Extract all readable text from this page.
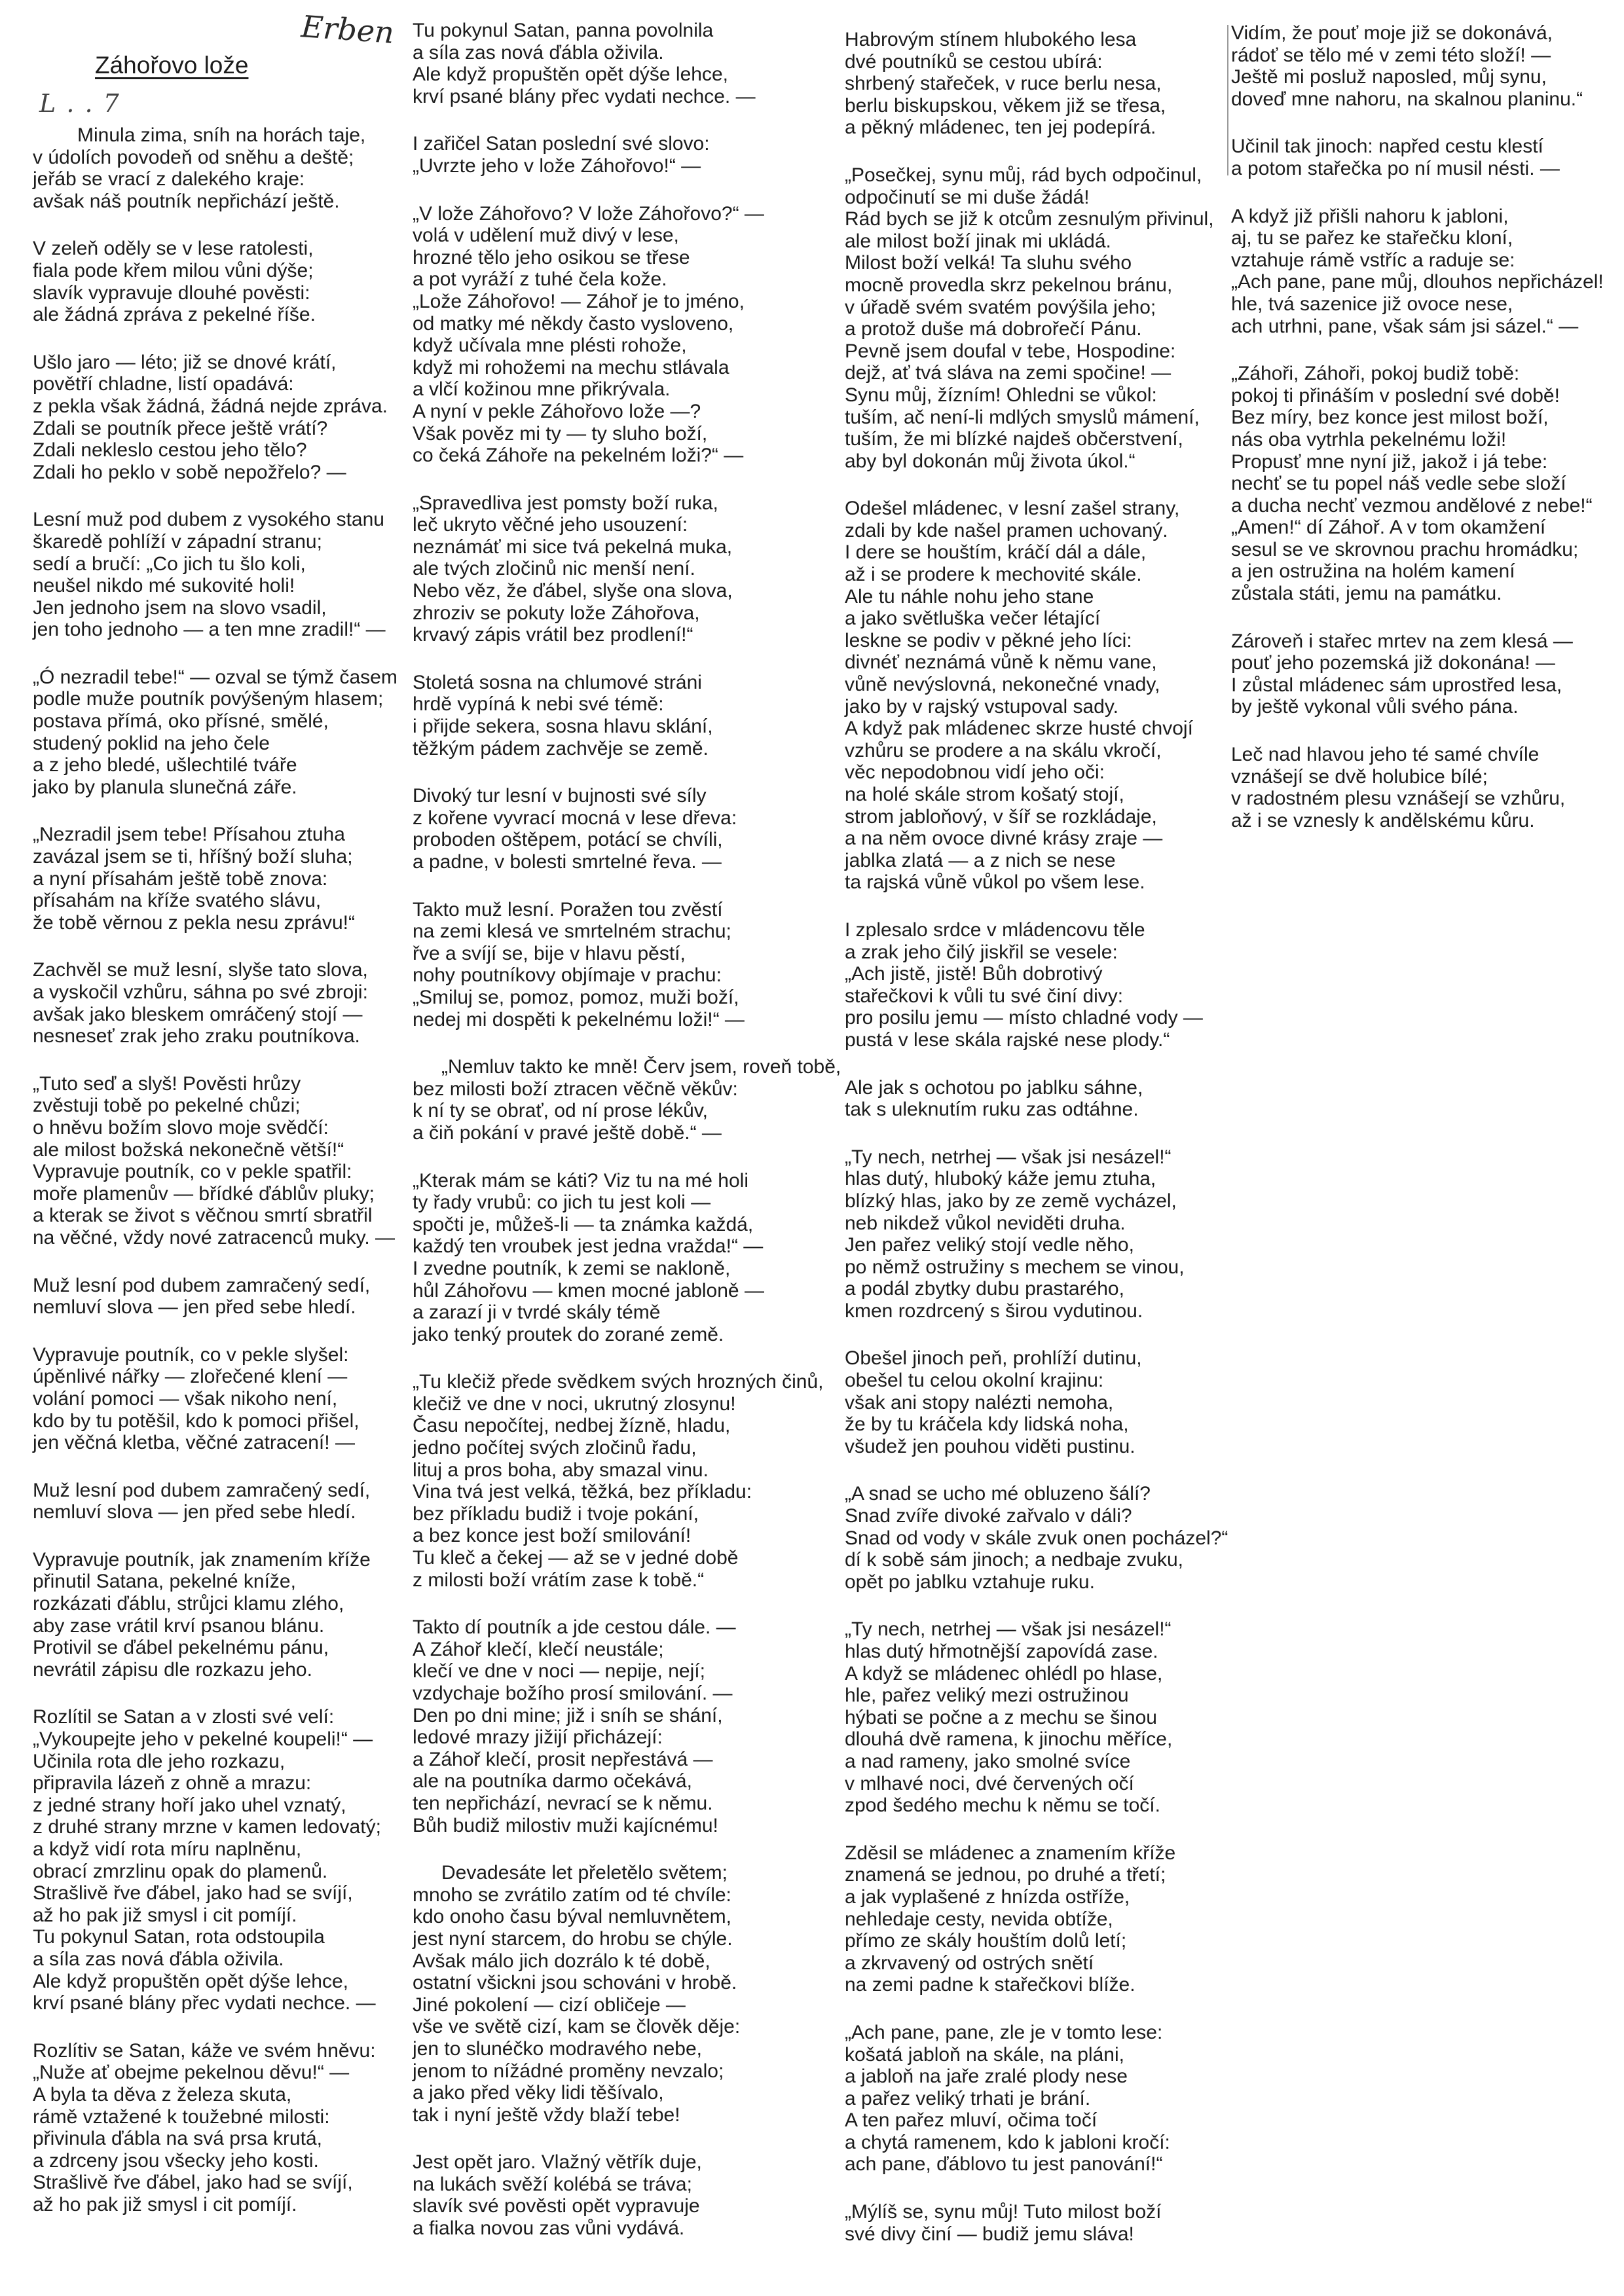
Erben
Záhořovo lože
L . . 7
Minula zima, sníh na horách taje,
v údolích povodeň od sněhu a deště;
jeřáb se vrací z dalekého kraje:
avšak náš poutník nepřichází ještě.
V zeleň oděly se v lese ratolesti,
fiala pode křem milou vůni dýše;
slavík vypravuje dlouhé pověsti:
ale žádná zpráva z pekelné říše.
Ušlo jaro — léto; již se dnové krátí,
povětří chladne, listí opadává:
z pekla však žádná, žádná nejde zpráva.
Zdali se poutník přece ještě vrátí?
Zdali nekleslo cestou jeho tělo?
Zdali ho peklo v sobě nepožřelo? —
Lesní muž pod dubem z vysokého stanu
škaredě pohlíží v západní stranu;
sedí a bručí: „Co jich tu šlo koli,
neušel nikdo mé sukovité holi!
Jen jednoho jsem na slovo vsadil,
jen toho jednoho — a ten mne zradil!“ —
„Ó nezradil tebe!“ — ozval se týmž časem
podle muže poutník povýšeným hlasem;
postava přímá, oko přísné, smělé,
studený poklid na jeho čele
a z jeho bledé, ušlechtilé tváře
jako by planula slunečná záře.
„Nezradil jsem tebe! Přísahou ztuha
zavázal jsem se ti, hříšný boží sluha;
a nyní přísahám ještě tobě znova:
přísahám na kříže svatého slávu,
že tobě věrnou z pekla nesu zprávu!“
Zachvěl se muž lesní, slyše tato slova,
a vyskočil vzhůru, sáhna po své zbroji:
avšak jako bleskem omráčený stojí —
nesneseť zrak jeho zraku poutníkova.
„Tuto seď a slyš! Pověsti hrůzy
zvěstuji tobě po pekelné chůzi;
o hněvu božím slovo moje svědčí:
ale milost božská nekonečně větší!“
Vypravuje poutník, co v pekle spatřil:
moře plamenův — břídké ďáblův pluky;
a kterak se život s věčnou smrtí sbratřil
na věčné, vždy nové zatracenců muky. —
Muž lesní pod dubem zamračený sedí,
nemluví slova — jen před sebe hledí.
Vypravuje poutník, co v pekle slyšel:
úpěnlivé nářky — zlořečené klení —
volání pomoci — však nikoho není,
kdo by tu potěšil, kdo k pomoci přišel,
jen věčná kletba, věčné zatracení! —
Muž lesní pod dubem zamračený sedí,
nemluví slova — jen před sebe hledí.
Vypravuje poutník, jak znamením kříže
přinutil Satana, pekelné kníže,
rozkázati ďáblu, strůjci klamu zlého,
aby zase vrátil krví psanou blánu.
Protivil se ďábel pekelnému pánu,
nevrátil zápisu dle rozkazu jeho.
Rozlítil se Satan a v zlosti své velí:
„Vykoupejte jeho v pekelné koupeli!“ —
Učinila rota dle jeho rozkazu,
připravila lázeň z ohně a mrazu:
z jedné strany hoří jako uhel vznatý,
z druhé strany mrzne v kamen ledovatý;
a když vidí rota míru naplněnu,
obrací zmrzlinu opak do plamenů.
Strašlivě řve ďábel, jako had se svíjí,
až ho pak již smysl i cit pomíjí.
Tu pokynul Satan, rota odstoupila
a síla zas nová ďábla oživila.
Ale když propuštěn opět dýše lehce,
krví psané blány přec vydati nechce. —
Rozlítiv se Satan, káže ve svém hněvu:
„Nuže ať obejme pekelnou děvu!“ —
A byla ta děva z železa skuta,
rámě vztažené k toužebné milosti:
přivinula ďábla na svá prsa krutá,
a zdrceny jsou všecky jeho kosti.
Strašlivě řve ďábel, jako had se svíjí,
až ho pak již smysl i cit pomíjí.
Tu pokynul Satan, panna povolnila
a síla zas nová ďábla oživila.
Ale když propuštěn opět dýše lehce,
krví psané blány přec vydati nechce. —
I zařičel Satan poslední své slovo:
„Uvrzte jeho v lože Záhořovo!“ —
„V lože Záhořovo? V lože Záhořovo?“ —
volá v udělení muž divý v lese,
hrozné tělo jeho osikou se třese
a pot vyráží z tuhé čela kože.
„Lože Záhořovo! — Záhoř je to jméno,
od matky mé někdy často vysloveno,
když učívala mne plésti rohože,
když mi rohožemi na mechu stlávala
a vlčí kožinou mne přikrývala.
A nyní v pekle Záhořovo lože —?
Však pověz mi ty — ty sluho boží,
co čeká Záhoře na pekelném loži?“ —
„Spravedliva jest pomsty boží ruka,
leč ukryto věčné jeho usouzení:
neznámáť mi sice tvá pekelná muka,
ale tvých zločinů nic menší není.
Nebo věz, že ďábel, slyše ona slova,
zhroziv se pokuty lože Záhořova,
krvavý zápis vrátil bez prodlení!“
Stoletá sosna na chlumové stráni
hrdě vypíná k nebi své témě:
i přijde sekera, sosna hlavu sklání,
těžkým pádem zachvěje se země.
Divoký tur lesní v bujnosti své síly
z kořene vyvrací mocná v lese dřeva:
proboden oštěpem, potácí se chvíli,
a padne, v bolesti smrtelné řeva. —
Takto muž lesní. Poražen tou zvěstí
na zemi klesá ve smrtelném strachu;
řve a svíjí se, bije v hlavu pěstí,
nohy poutníkovy objímaje v prachu:
„Smiluj se, pomoz, pomoz, muži boží,
nedej mi dospěti k pekelnému loži!“ —
„Nemluv takto ke mně! Červ jsem, roveň tobě,
bez milosti boží ztracen věčně věkův:
k ní ty se obrať, od ní prose lékův,
a čiň pokání v pravé ještě době.“ —
„Kterak mám se káti? Viz tu na mé holi
ty řady vrubů: co jich tu jest koli —
spočti je, můžeš-li — ta známka každá,
každý ten vroubek jest jedna vražda!“ —
I zvedne poutník, k zemi se nakloně,
hůl Záhořovu — kmen mocné jabloně —
a zarazí ji v tvrdé skály témě
jako tenký proutek do zorané země.
„Tu klečiž přede svědkem svých hrozných činů,
klečiž ve dne v noci, ukrutný zlosynu!
Času nepočítej, nedbej žízně, hladu,
jedno počítej svých zločinů řadu,
lituj a pros boha, aby smazal vinu.
Vina tvá jest velká, těžká, bez příkladu:
bez příkladu budiž i tvoje pokání,
a bez konce jest boží smilování!
Tu kleč a čekej — až se v jedné době
z milosti boží vrátím zase k tobě.“
Takto dí poutník a jde cestou dále. —
A Záhoř klečí, klečí neustále;
klečí ve dne v noci — nepije, nejí;
vzdychaje božího prosí smilování. —
Den po dni mine; již i sníh se shání,
ledové mrazy jižijí přicházejí:
a Záhoř klečí, prosit nepřestává —
ale na poutníka darmo očekává,
ten nepřichází, nevrací se k němu.
Bůh budiž milostiv muži kajícnému!
Devadesáte let přeletělo světem;
mnoho se zvrátilo zatím od té chvíle:
kdo onoho času býval nemluvnětem,
jest nyní starcem, do hrobu se chýle.
Avšak málo jich dozrálo k té době,
ostatní všickni jsou schováni v hrobě.
Jiné pokolení — cizí obličeje —
vše ve světě cizí, kam se člověk děje:
jen to slunéčko modravého nebe,
jenom to nížádné proměny nevzalo;
a jako před věky lidi těšívalo,
tak i nyní ještě vždy blaží tebe!
Jest opět jaro. Vlažný větřík duje,
na lukách svěží kolébá se tráva;
slavík své pověsti opět vypravuje
a fialka novou zas vůni vydává.
Habrovým stínem hlubokého lesa
dvé poutníků se cestou ubírá:
shrbený stařeček, v ruce berlu nesa,
berlu biskupskou, věkem již se třesa,
a pěkný mládenec, ten jej podepírá.
„Posečkej, synu můj, rád bych odpočinul,
odpočinutí se mi duše žádá!
Rád bych se již k otcům zesnulým přivinul,
ale milost boží jinak mi ukládá.
Milost boží velká! Ta sluhu svého
mocně provedla skrz pekelnou bránu,
v úřadě svém svatém povýšila jeho;
a protož duše má dobrořečí Pánu.
Pevně jsem doufal v tebe, Hospodine:
dejž, ať tvá sláva na zemi spočine! —
Synu můj, žízním! Ohledni se vůkol:
tuším, ač není-li mdlých smyslů mámení,
tuším, že mi blízké najdeš občerstvení,
aby byl dokonán můj života úkol.“
Odešel mládenec, v lesní zašel strany,
zdali by kde našel pramen uchovaný.
I dere se houštím, kráčí dál a dále,
až i se prodere k mechovité skále.
Ale tu náhle nohu jeho stane
a jako světluška večer létající
leskne se podiv v pěkné jeho líci:
divnéť neznámá vůně k němu vane,
vůně nevýslovná, nekonečné vnady,
jako by v rajský vstupoval sady.
A když pak mládenec skrze husté chvojí
vzhůru se prodere a na skálu vkročí,
věc nepodobnou vidí jeho oči:
na holé skále strom košatý stojí,
strom jabloňový, v šíř se rozkládaje,
a na něm ovoce divné krásy zraje —
jablka zlatá — a z nich se nese
ta rajská vůně vůkol po všem lese.
I zplesalo srdce v mládencovu těle
a zrak jeho čilý jiskřil se vesele:
„Ach jistě, jistě! Bůh dobrotivý
stařečkovi k vůli tu své činí divy:
pro posilu jemu — místo chladné vody —
pustá v lese skála rajské nese plody.“
Ale jak s ochotou po jablku sáhne,
tak s uleknutím ruku zas odtáhne.
„Ty nech, netrhej — však jsi nesázel!“
hlas dutý, hluboký káže jemu ztuha,
blízký hlas, jako by ze země vycházel,
neb nikdež vůkol neviděti druha.
Jen pařez veliký stojí vedle něho,
po němž ostružiny s mechem se vinou,
a podál zbytky dubu prastarého,
kmen rozdrcený s širou vydutinou.
Obešel jinoch peň, prohlíží dutinu,
obešel tu celou okolní krajinu:
však ani stopy nalézti nemoha,
že by tu kráčela kdy lidská noha,
všudež jen pouhou viděti pustinu.
„A snad se ucho mé obluzeno šálí?
Snad zvíře divoké zařvalo v dáli?
Snad od vody v skále zvuk onen pocházel?“
dí k sobě sám jinoch; a nedbaje zvuku,
opět po jablku vztahuje ruku.
„Ty nech, netrhej — však jsi nesázel!“
hlas dutý hřmotnější zapovídá zase.
A když se mládenec ohlédl po hlase,
hle, pařez veliký mezi ostružinou
hýbati se počne a z mechu se šinou
dlouhá dvě ramena, k jinochu měříce,
a nad rameny, jako smolné svíce
v mlhavé noci, dvé červených očí
zpod šedého mechu k němu se točí.
Zděsil se mládenec a znamením kříže
znamená se jednou, po druhé a třetí;
a jak vyplašené z hnízda ostříže,
nehledaje cesty, nevida obtíže,
přímo ze skály houštím dolů letí;
a zkrvavený od ostrých snětí
na zemi padne k stařečkovi blíže.
„Ach pane, pane, zle je v tomto lese:
košatá jabloň na skále, na pláni,
a jabloň na jaře zralé plody nese
a pařez veliký trhati je brání.
A ten pařez mluví, očima točí
a chytá ramenem, kdo k jabloni kročí:
ach pane, ďáblovo tu jest panování!“
„Mýlíš se, synu můj! Tuto milost boží
své divy činí — budiž jemu sláva!
Vidím, že pouť moje již se dokonává,
rádoť se tělo mé v zemi této složí! —
Ještě mi posluž naposled, můj synu,
doveď mne nahoru, na skalnou planinu.“
Učinil tak jinoch: napřed cestu klestí
a potom stařečka po ní musil nésti. —
A když již přišli nahoru k jabloni,
aj, tu se pařez ke stařečku kloní,
vztahuje rámě vstříc a raduje se:
„Ach pane, pane můj, dlouhos nepřicházel!
hle, tvá sazenice již ovoce nese,
ach utrhni, pane, však sám jsi sázel.“ —
„Záhoři, Záhoři, pokoj budiž tobě:
pokoj ti přináším v poslední své době!
Bez míry, bez konce jest milost boží,
nás oba vytrhla pekelnému loži!
Propusť mne nyní již, jakož i já tebe:
nechť se tu popel náš vedle sebe složí
a ducha nechť vezmou andělové z nebe!“
„Amen!“ dí Záhoř. A v tom okamžení
sesul se ve skrovnou prachu hromádku;
a jen ostružina na holém kamení
zůstala státi, jemu na památku.
Zároveň i stařec mrtev na zem klesá —
pouť jeho pozemská již dokonána! —
I zůstal mládenec sám uprostřed lesa,
by ještě vykonal vůli svého pána.
Leč nad hlavou jeho té samé chvíle
vznášejí se dvě holubice bílé;
v radostném plesu vznášejí se vzhůru,
až i se vznesly k andělskému kůru.
